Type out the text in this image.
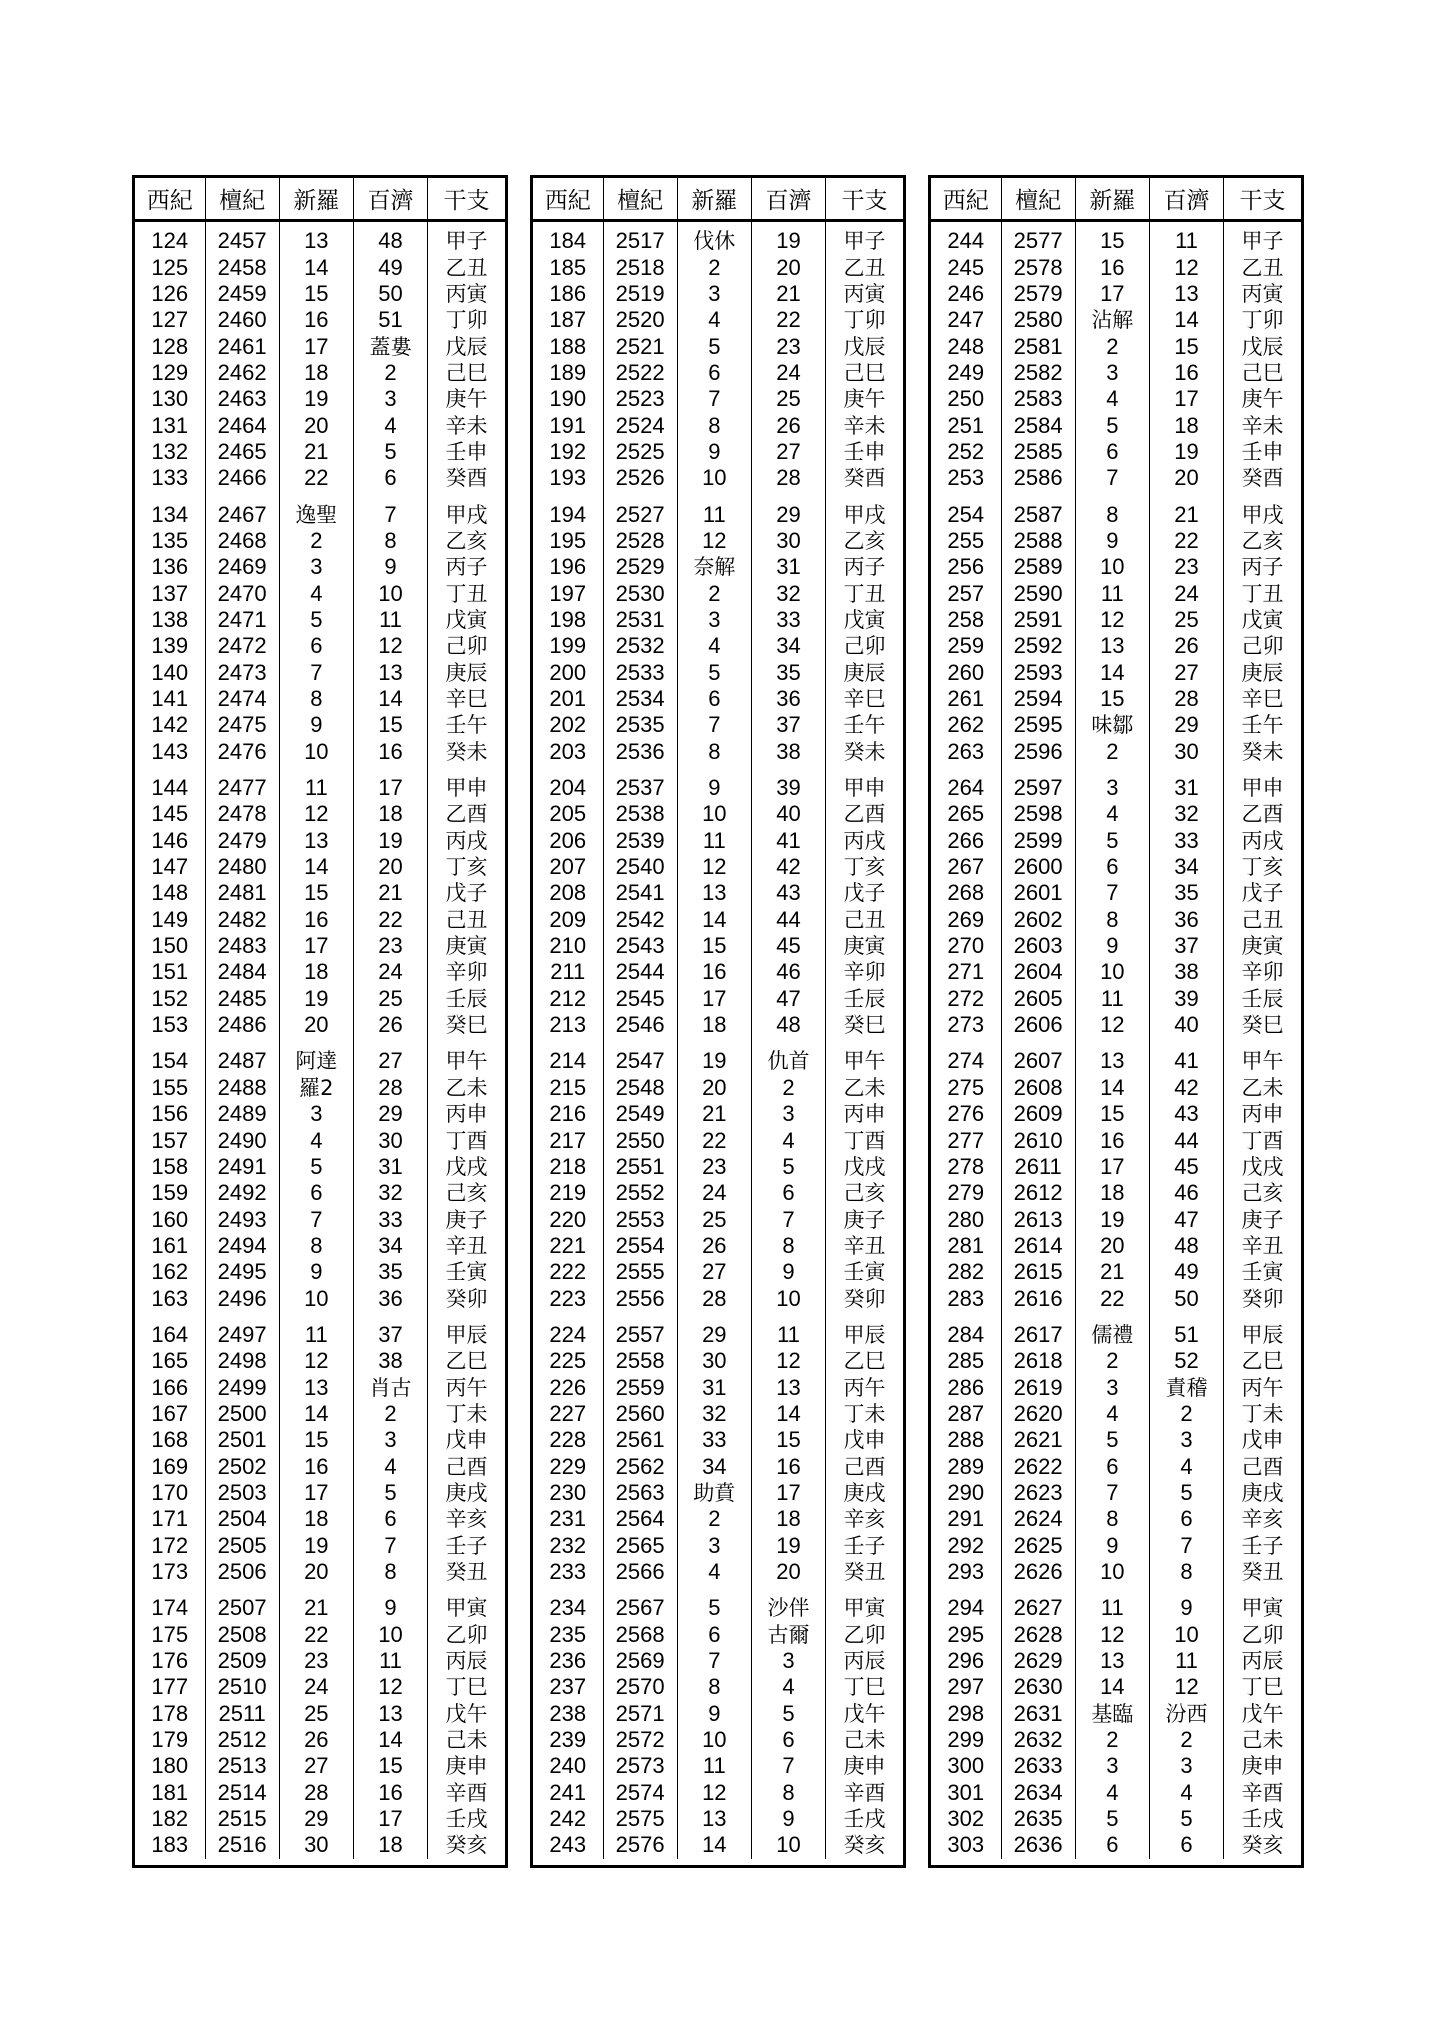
西紀	檀紀	新羅	百濟	干支
124	2457	13	48	甲子
125	2458	14	49	乙丑
126	2459	15	50	丙寅
127	2460	16	51	丁卯
128	2461	17	蓋婁	戊辰
129	2462	18	2	己巳
130	2463	19	3	庚午
131	2464	20	4	辛未
132	2465	21	5	壬申
133	2466	22	6	癸酉
134	2467	逸聖	7	甲戌
135	2468	2	8	乙亥
136	2469	3	9	丙子
137	2470	4	10	丁丑
138	2471	5	11	戊寅
139	2472	6	12	己卯
140	2473	7	13	庚辰
141	2474	8	14	辛巳
142	2475	9	15	壬午
143	2476	10	16	癸未
144	2477	11	17	甲申
145	2478	12	18	乙酉
146	2479	13	19	丙戌
147	2480	14	20	丁亥
148	2481	15	21	戊子
149	2482	16	22	己丑
150	2483	17	23	庚寅
151	2484	18	24	辛卯
152	2485	19	25	壬辰
153	2486	20	26	癸巳
154	2487	阿達	27	甲午
155	2488	羅2	28	乙未
156	2489	3	29	丙申
157	2490	4	30	丁酉
158	2491	5	31	戊戌
159	2492	6	32	己亥
160	2493	7	33	庚子
161	2494	8	34	辛丑
162	2495	9	35	壬寅
163	2496	10	36	癸卯
164	2497	11	37	甲辰
165	2498	12	38	乙巳
166	2499	13	肖古	丙午
167	2500	14	2	丁未
168	2501	15	3	戊申
169	2502	16	4	己酉
170	2503	17	5	庚戌
171	2504	18	6	辛亥
172	2505	19	7	壬子
173	2506	20	8	癸丑
174	2507	21	9	甲寅
175	2508	22	10	乙卯
176	2509	23	11	丙辰
177	2510	24	12	丁巳
178	2511	25	13	戊午
179	2512	26	14	己未
180	2513	27	15	庚申
181	2514	28	16	辛酉
182	2515	29	17	壬戌
183	2516	30	18	癸亥
西紀	檀紀	新羅	百濟	干支
184	2517	伐休	19	甲子
185	2518	2	20	乙丑
186	2519	3	21	丙寅
187	2520	4	22	丁卯
188	2521	5	23	戊辰
189	2522	6	24	己巳
190	2523	7	25	庚午
191	2524	8	26	辛未
192	2525	9	27	壬申
193	2526	10	28	癸酉
194	2527	11	29	甲戌
195	2528	12	30	乙亥
196	2529	奈解	31	丙子
197	2530	2	32	丁丑
198	2531	3	33	戊寅
199	2532	4	34	己卯
200	2533	5	35	庚辰
201	2534	6	36	辛巳
202	2535	7	37	壬午
203	2536	8	38	癸未
204	2537	9	39	甲申
205	2538	10	40	乙酉
206	2539	11	41	丙戌
207	2540	12	42	丁亥
208	2541	13	43	戊子
209	2542	14	44	己丑
210	2543	15	45	庚寅
211	2544	16	46	辛卯
212	2545	17	47	壬辰
213	2546	18	48	癸巳
214	2547	19	仇首	甲午
215	2548	20	2	乙未
216	2549	21	3	丙申
217	2550	22	4	丁酉
218	2551	23	5	戊戌
219	2552	24	6	己亥
220	2553	25	7	庚子
221	2554	26	8	辛丑
222	2555	27	9	壬寅
223	2556	28	10	癸卯
224	2557	29	11	甲辰
225	2558	30	12	乙巳
226	2559	31	13	丙午
227	2560	32	14	丁未
228	2561	33	15	戊申
229	2562	34	16	己酉
230	2563	助賁	17	庚戌
231	2564	2	18	辛亥
232	2565	3	19	壬子
233	2566	4	20	癸丑
234	2567	5	沙伴	甲寅
235	2568	6	古爾	乙卯
236	2569	7	3	丙辰
237	2570	8	4	丁巳
238	2571	9	5	戊午
239	2572	10	6	己未
240	2573	11	7	庚申
241	2574	12	8	辛酉
242	2575	13	9	壬戌
243	2576	14	10	癸亥
西紀	檀紀	新羅	百濟	干支
244	2577	15	11	甲子
245	2578	16	12	乙丑
246	2579	17	13	丙寅
247	2580	沾解	14	丁卯
248	2581	2	15	戊辰
249	2582	3	16	己巳
250	2583	4	17	庚午
251	2584	5	18	辛未
252	2585	6	19	壬申
253	2586	7	20	癸酉
254	2587	8	21	甲戌
255	2588	9	22	乙亥
256	2589	10	23	丙子
257	2590	11	24	丁丑
258	2591	12	25	戊寅
259	2592	13	26	己卯
260	2593	14	27	庚辰
261	2594	15	28	辛巳
262	2595	味鄒	29	壬午
263	2596	2	30	癸未
264	2597	3	31	甲申
265	2598	4	32	乙酉
266	2599	5	33	丙戌
267	2600	6	34	丁亥
268	2601	7	35	戊子
269	2602	8	36	己丑
270	2603	9	37	庚寅
271	2604	10	38	辛卯
272	2605	11	39	壬辰
273	2606	12	40	癸巳
274	2607	13	41	甲午
275	2608	14	42	乙未
276	2609	15	43	丙申
277	2610	16	44	丁酉
278	2611	17	45	戊戌
279	2612	18	46	己亥
280	2613	19	47	庚子
281	2614	20	48	辛丑
282	2615	21	49	壬寅
283	2616	22	50	癸卯
284	2617	儒禮	51	甲辰
285	2618	2	52	乙巳
286	2619	3	責稽	丙午
287	2620	4	2	丁未
288	2621	5	3	戊申
289	2622	6	4	己酉
290	2623	7	5	庚戌
291	2624	8	6	辛亥
292	2625	9	7	壬子
293	2626	10	8	癸丑
294	2627	11	9	甲寅
295	2628	12	10	乙卯
296	2629	13	11	丙辰
297	2630	14	12	丁巳
298	2631	基臨	汾西	戊午
299	2632	2	2	己未
300	2633	3	3	庚申
301	2634	4	4	辛酉
302	2635	5	5	壬戌
303	2636	6	6	癸亥
